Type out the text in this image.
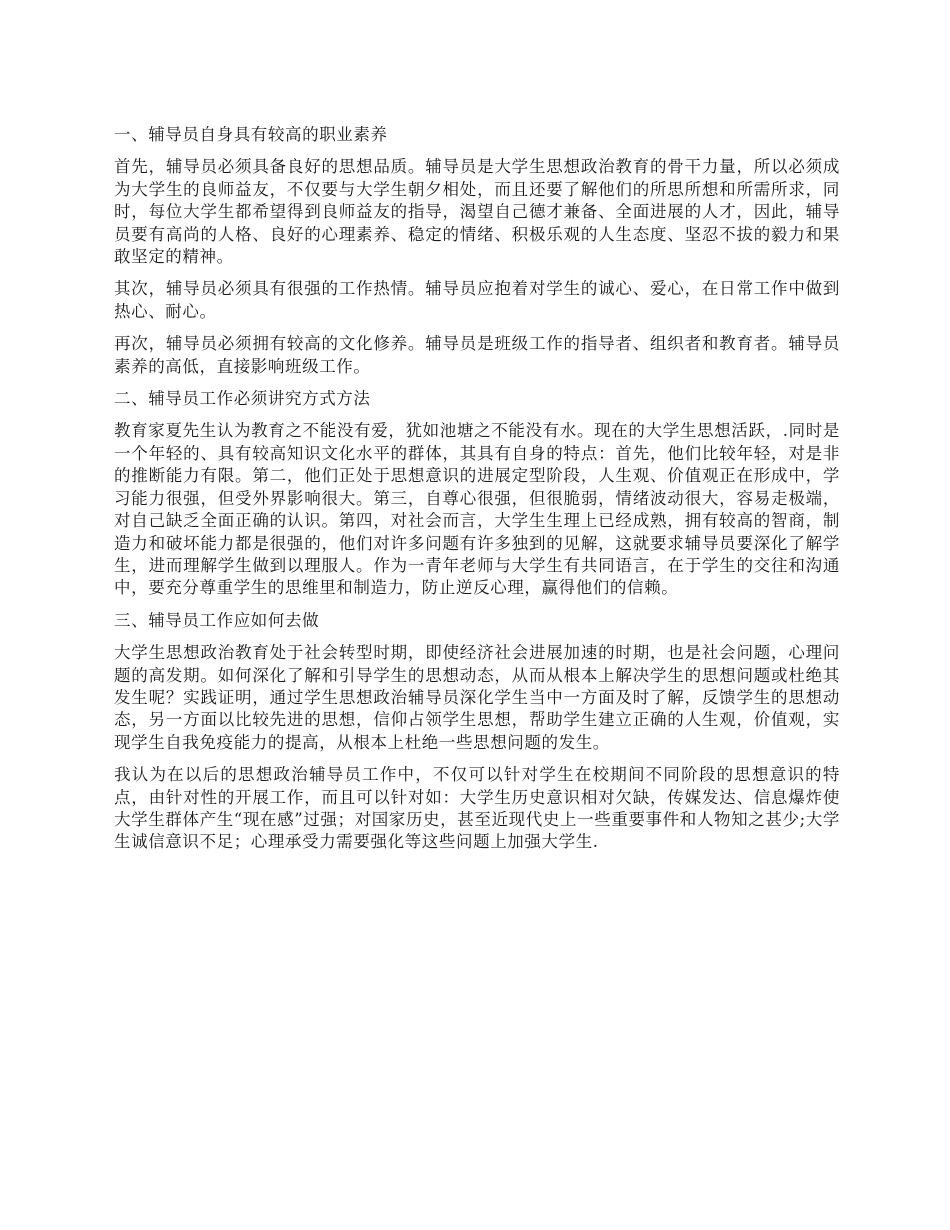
一、辅导员自身具有较高的职业素养
首先，辅导员必须具备良好的思想品质。辅导员是大学生思想政治教育的骨干力量，所以必须成为大学生的良师益友，不仅要与大学生朝夕相处，而且还要了解他们的所思所想和所需所求，同时，每位大学生都希望得到良师益友的指导，渴望自己德才兼备、全面进展的人才，因此，辅导员要有高尚的人格、良好的心理素养、稳定的情绪、积极乐观的人生态度、坚忍不拔的毅力和果敢坚定的精神。
其次，辅导员必须具有很强的工作热情。辅导员应抱着对学生的诚心、爱心，在日常工作中做到热心、耐心。
再次，辅导员必须拥有较高的文化修养。辅导员是班级工作的指导者、组织者和教育者。辅导员素养的高低，直接影响班级工作。
二、辅导员工作必须讲究方式方法
教育家夏先生认为教育之不能没有爱，犹如池塘之不能没有水。现在的大学生思想活跃，.同时是一个年轻的、具有较高知识文化水平的群体，其具有自身的特点：首先，他们比较年轻，对是非的推断能力有限。第二，他们正处于思想意识的进展定型阶段，人生观、价值观正在形成中，学习能力很强，但受外界影响很大。第三，自尊心很强，但很脆弱，情绪波动很大，容易走极端，对自己缺乏全面正确的认识。第四，对社会而言，大学生生理上已经成熟，拥有较高的智商，制造力和破坏能力都是很强的，他们对许多问题有许多独到的见解，这就要求辅导员要深化了解学生，进而理解学生做到以理服人。作为一青年老师与大学生有共同语言，在于学生的交往和沟通中，要充分尊重学生的思维里和制造力，防止逆反心理，赢得他们的信赖。
三、辅导员工作应如何去做
大学生思想政治教育处于社会转型时期，即使经济社会进展加速的时期，也是社会问题，心理问题的高发期。如何深化了解和引导学生的思想动态，从而从根本上解决学生的思想问题或杜绝其发生呢？实践证明，通过学生思想政治辅导员深化学生当中一方面及时了解，反馈学生的思想动态，另一方面以比较先进的思想，信仰占领学生思想，帮助学生建立正确的人生观，价值观，实现学生自我免疫能力的提高，从根本上杜绝一些思想问题的发生。
我认为在以后的思想政治辅导员工作中，不仅可以针对学生在校期间不同阶段的思想意识的特点，由针对性的开展工作，而且可以针对如：大学生历史意识相对欠缺，传媒发达、信息爆炸使大学生群体产生“现在感”过强；对国家历史，甚至近现代史上一些重要事件和人物知之甚少;大学生诚信意识不足；心理承受力需要强化等这些问题上加强大学生.
